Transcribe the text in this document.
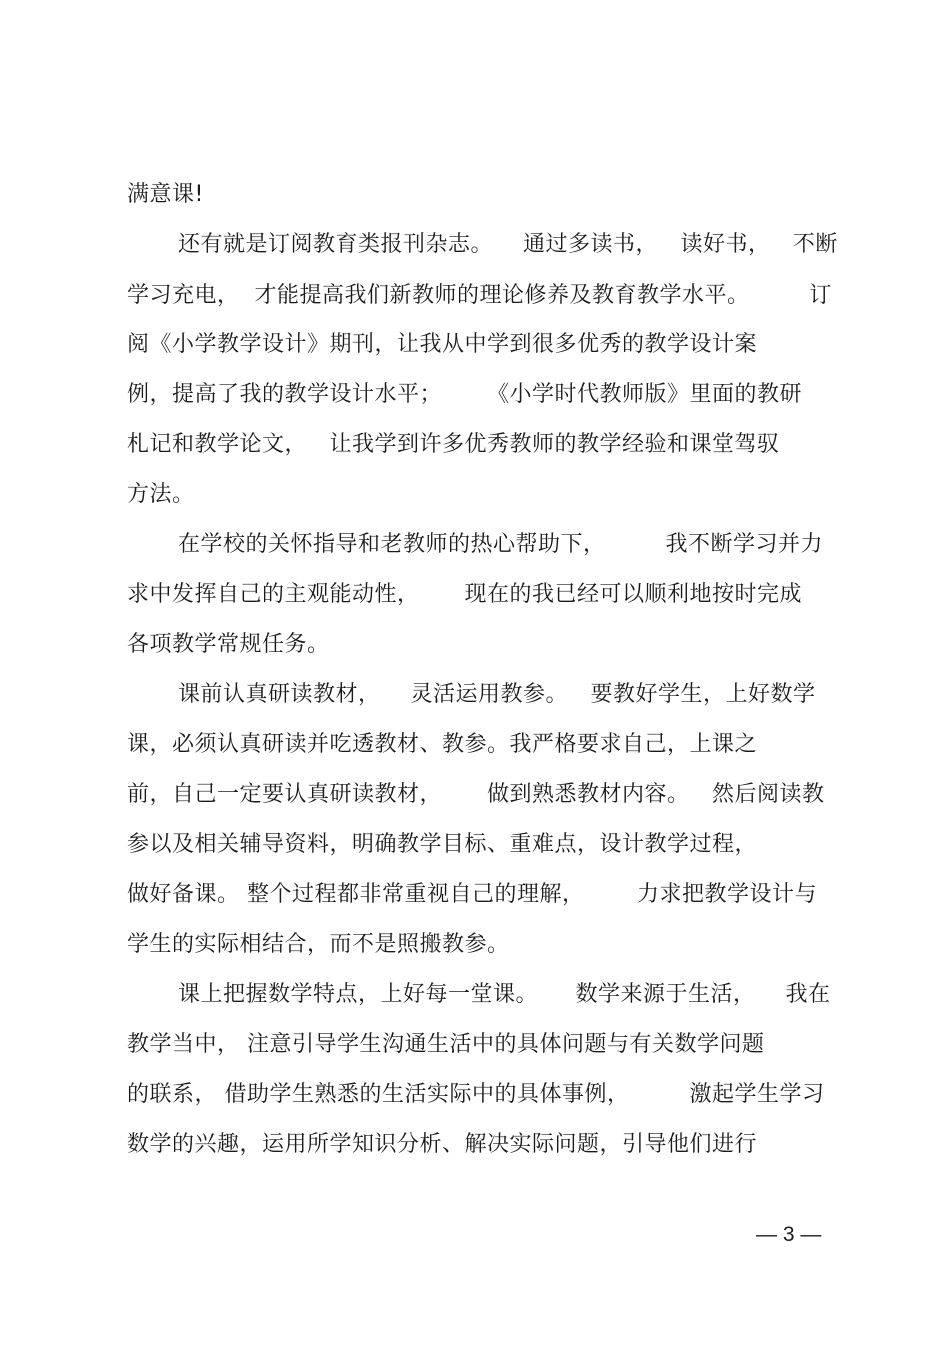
满意课!
还有就是订阅教育类报刊杂志。    通过多读书，   读好书，   不断
学习充电，  才能提高我们新教师的理论修养及教育教学水平。        订
阅《小学教学设计》期刊，让我从中学到很多优秀的教学设计案
例，提高了我的教学设计水平；      《小学时代教师版》里面的教研
札记和教学论文，   让我学到许多优秀教师的教学经验和课堂驾驭
方法。
在学校的关怀指导和老教师的热心帮助下，        我不断学习并力
求中发挥自己的主观能动性，      现在的我已经可以顺利地按时完成
各项教学常规任务。
课前认真研读教材，    灵活运用教参。   要教好学生，上好数学
课，必须认真研读并吃透教材、教参。我严格要求自己，上课之
前，自己一定要认真研读教材，      做到熟悉教材内容。   然后阅读教
参以及相关辅导资料，明确教学目标、重难点，设计教学过程，
做好备课。 整个过程都非常重视自己的理解，       力求把教学设计与
学生的实际相结合，而不是照搬教参。
课上把握数学特点，上好每一堂课。     数学来源于生活，    我在
教学当中， 注意引导学生沟通生活中的具体问题与有关数学问题
的联系， 借助学生熟悉的生活实际中的具体事例，        激起学生学习
数学的兴趣，运用所学知识分析、解决实际问题，引导他们进行
— 3 —
